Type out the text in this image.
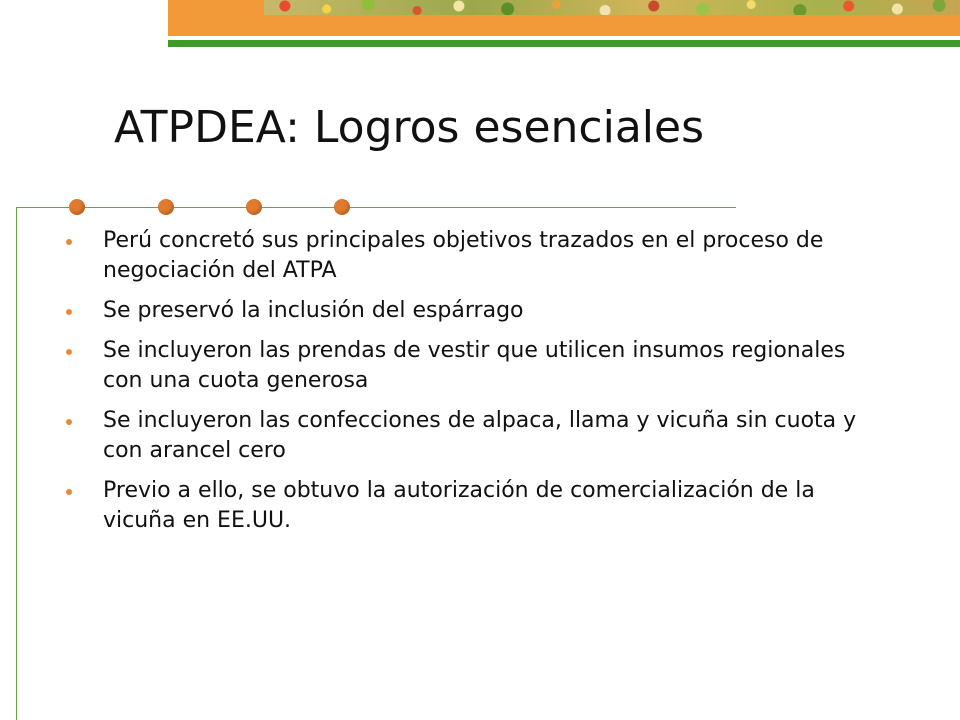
ATPDEA: Logros esenciales
Perú concretó sus principales objetivos trazados en el proceso de negociación del ATPA
Se preservó la inclusión del espárrago
Se incluyeron las prendas de vestir que utilicen insumos regionales con una cuota generosa
Se incluyeron las confecciones de alpaca, llama y vicuña sin cuota y con arancel cero
Previo a ello, se obtuvo la autorización de comercialización de la vicuña en EE.UU.
